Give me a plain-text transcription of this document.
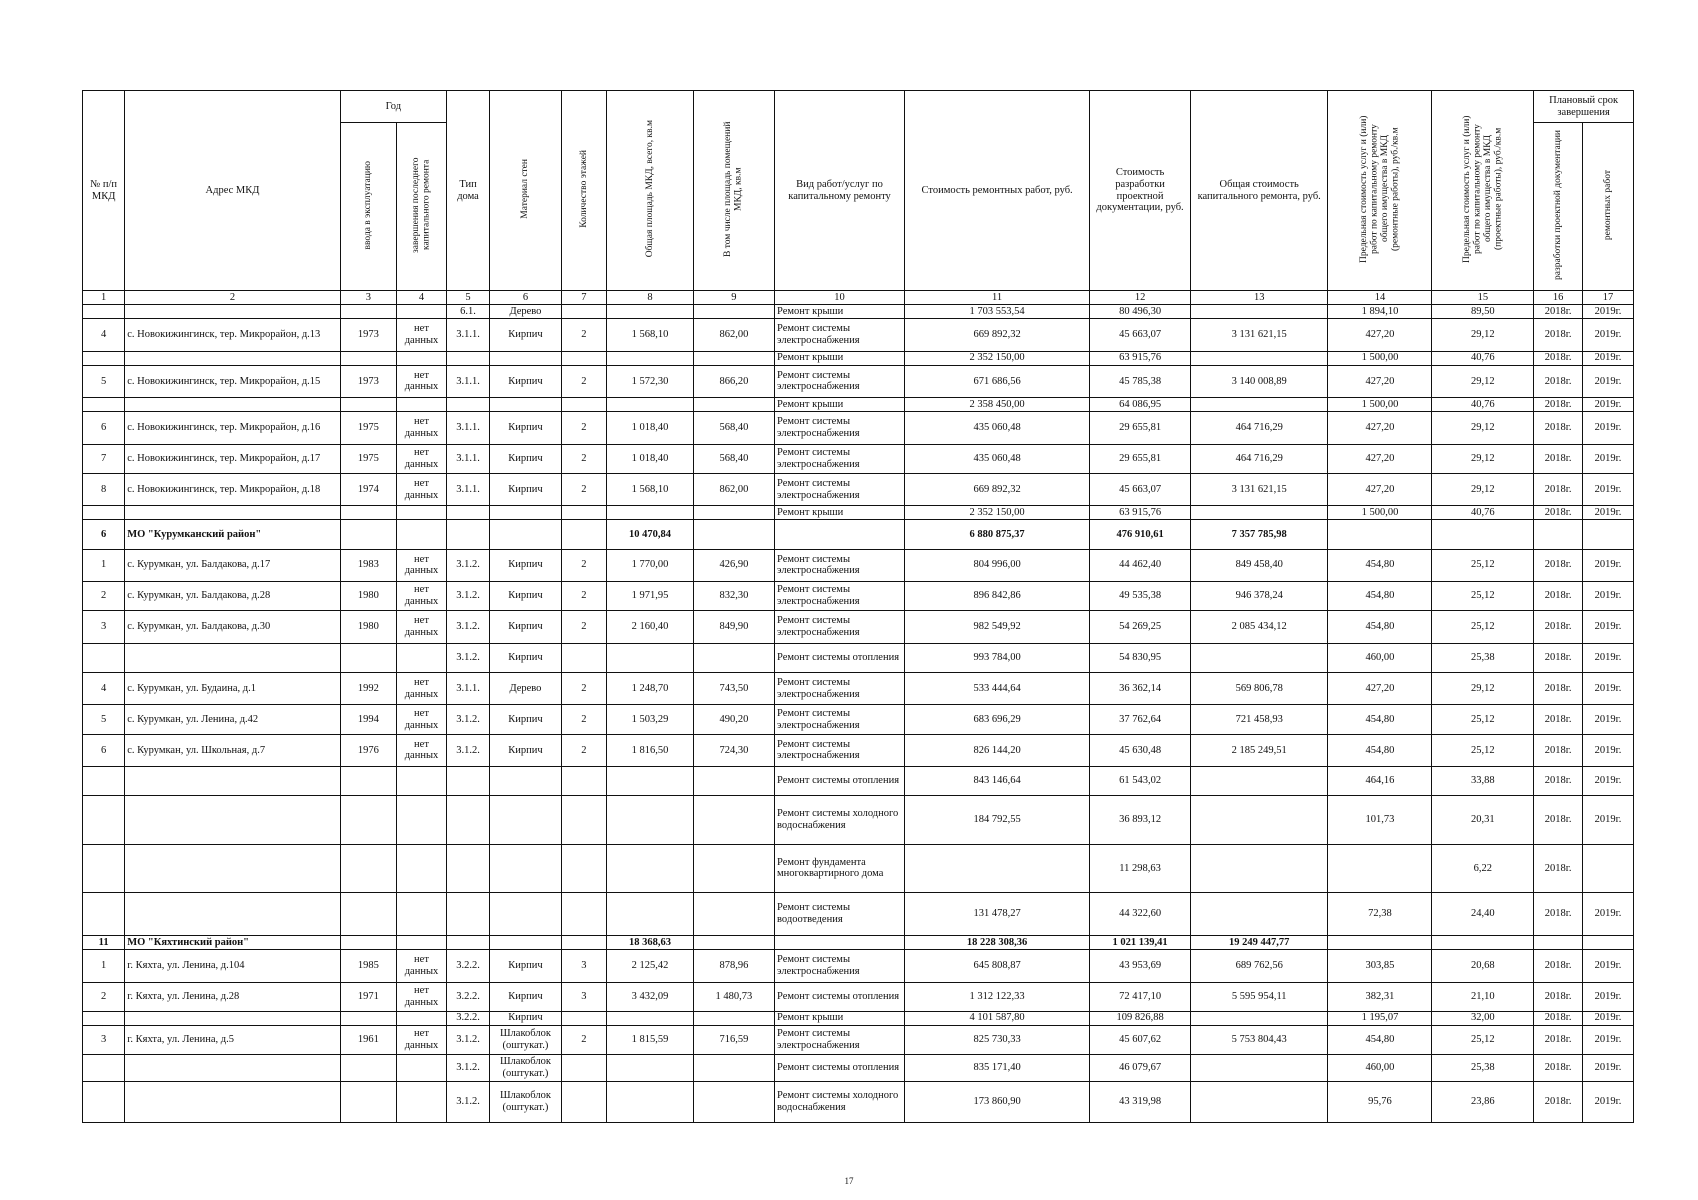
№ п/п МКД	Адрес МКД	Год		Тип дома	Материал стен	Количество этажей	Общая площадь МКД, всего, кв.м	В том числе площадь помещений МКД, кв.м	Вид работ/услуг по капитальному ремонту	Стоимость ремонтных работ, руб.	Стоимость разработки проектной документации, руб.	Общая стоимость капитального ремонта, руб.	Предельная стоимость услуг и (или) работ по капитальному ремонту общего имущества в МКД (ремонтные работы), руб./кв.м	Предельная стоимость услуг и (или) работ по капитальному ремонту общего имущества в МКД (проектные работы), руб./кв.м	Плановый срок завершения	
		ввода в эксплуатацию	завершения последнего капитального ремонта												разработки проектной документации	ремонтных работ
1	2	3	4	5	6	7	8	9	10	11	12	13	14	15	16	17
				6.1.	Дерево				Ремонт крыши	1 703 553,54	80 496,30		1 894,10	89,50	2018г.	2019г.
4	с. Новокижингинск, тер. Микрорайон, д.13	1973	нет данных	3.1.1.	Кирпич	2	1 568,10	862,00	Ремонт системы электроснабжения	669 892,32	45 663,07	3 131 621,15	427,20	29,12	2018г.	2019г.
									Ремонт крыши	2 352 150,00	63 915,76		1 500,00	40,76	2018г.	2019г.
5	с. Новокижингинск, тер. Микрорайон, д.15	1973	нет данных	3.1.1.	Кирпич	2	1 572,30	866,20	Ремонт системы электроснабжения	671 686,56	45 785,38	3 140 008,89	427,20	29,12	2018г.	2019г.
									Ремонт крыши	2 358 450,00	64 086,95		1 500,00	40,76	2018г.	2019г.
6	с. Новокижингинск, тер. Микрорайон, д.16	1975	нет данных	3.1.1.	Кирпич	2	1 018,40	568,40	Ремонт системы электроснабжения	435 060,48	29 655,81	464 716,29	427,20	29,12	2018г.	2019г.
7	с. Новокижингинск, тер. Микрорайон, д.17	1975	нет данных	3.1.1.	Кирпич	2	1 018,40	568,40	Ремонт системы электроснабжения	435 060,48	29 655,81	464 716,29	427,20	29,12	2018г.	2019г.
8	с. Новокижингинск, тер. Микрорайон, д.18	1974	нет данных	3.1.1.	Кирпич	2	1 568,10	862,00	Ремонт системы электроснабжения	669 892,32	45 663,07	3 131 621,15	427,20	29,12	2018г.	2019г.
									Ремонт крыши	2 352 150,00	63 915,76		1 500,00	40,76	2018г.	2019г.
6	МО "Курумканский район"						10 470,84			6 880 875,37	476 910,61	7 357 785,98				
1	с. Курумкан, ул. Балдакова, д.17	1983	нет данных	3.1.2.	Кирпич	2	1 770,00	426,90	Ремонт системы электроснабжения	804 996,00	44 462,40	849 458,40	454,80	25,12	2018г.	2019г.
2	с. Курумкан, ул. Балдакова, д.28	1980	нет данных	3.1.2.	Кирпич	2	1 971,95	832,30	Ремонт системы электроснабжения	896 842,86	49 535,38	946 378,24	454,80	25,12	2018г.	2019г.
3	с. Курумкан, ул. Балдакова, д.30	1980	нет данных	3.1.2.	Кирпич	2	2 160,40	849,90	Ремонт системы электроснабжения	982 549,92	54 269,25	2 085 434,12	454,80	25,12	2018г.	2019г.
				3.1.2.	Кирпич				Ремонт системы отопления	993 784,00	54 830,95		460,00	25,38	2018г.	2019г.
4	с. Курумкан, ул. Будаина, д.1	1992	нет данных	3.1.1.	Дерево	2	1 248,70	743,50	Ремонт системы электроснабжения	533 444,64	36 362,14	569 806,78	427,20	29,12	2018г.	2019г.
5	с. Курумкан, ул. Ленина, д.42	1994	нет данных	3.1.2.	Кирпич	2	1 503,29	490,20	Ремонт системы электроснабжения	683 696,29	37 762,64	721 458,93	454,80	25,12	2018г.	2019г.
6	с. Курумкан, ул. Школьная, д.7	1976	нет данных	3.1.2.	Кирпич	2	1 816,50	724,30	Ремонт системы электроснабжения	826 144,20	45 630,48	2 185 249,51	454,80	25,12	2018г.	2019г.
									Ремонт системы отопления	843 146,64	61 543,02		464,16	33,88	2018г.	2019г.
									Ремонт системы холодного водоснабжения	184 792,55	36 893,12		101,73	20,31	2018г.	2019г.
									Ремонт фундамента многоквартирного дома		11 298,63			6,22	2018г.	
									Ремонт системы водоотведения	131 478,27	44 322,60		72,38	24,40	2018г.	2019г.
11	МО "Кяхтинский район"						18 368,63			18 228 308,36	1 021 139,41	19 249 447,77				
1	г. Кяхта, ул. Ленина, д.104	1985	нет данных	3.2.2.	Кирпич	3	2 125,42	878,96	Ремонт системы электроснабжения	645 808,87	43 953,69	689 762,56	303,85	20,68	2018г.	2019г.
2	г. Кяхта, ул. Ленина, д.28	1971	нет данных	3.2.2.	Кирпич	3	3 432,09	1 480,73	Ремонт системы отопления	1 312 122,33	72 417,10	5 595 954,11	382,31	21,10	2018г.	2019г.
				3.2.2.	Кирпич				Ремонт крыши	4 101 587,80	109 826,88		1 195,07	32,00	2018г.	2019г.
3	г. Кяхта, ул. Ленина, д.5	1961	нет данных	3.1.2.	Шлакоблок (оштукат.)	2	1 815,59	716,59	Ремонт системы электроснабжения	825 730,33	45 607,62	5 753 804,43	454,80	25,12	2018г.	2019г.
				3.1.2.	Шлакоблок (оштукат.)				Ремонт системы отопления	835 171,40	46 079,67		460,00	25,38	2018г.	2019г.
				3.1.2.	Шлакоблок (оштукат.)				Ремонт системы холодного водоснабжения	173 860,90	43 319,98		95,76	23,86	2018г.	2019г.
17
